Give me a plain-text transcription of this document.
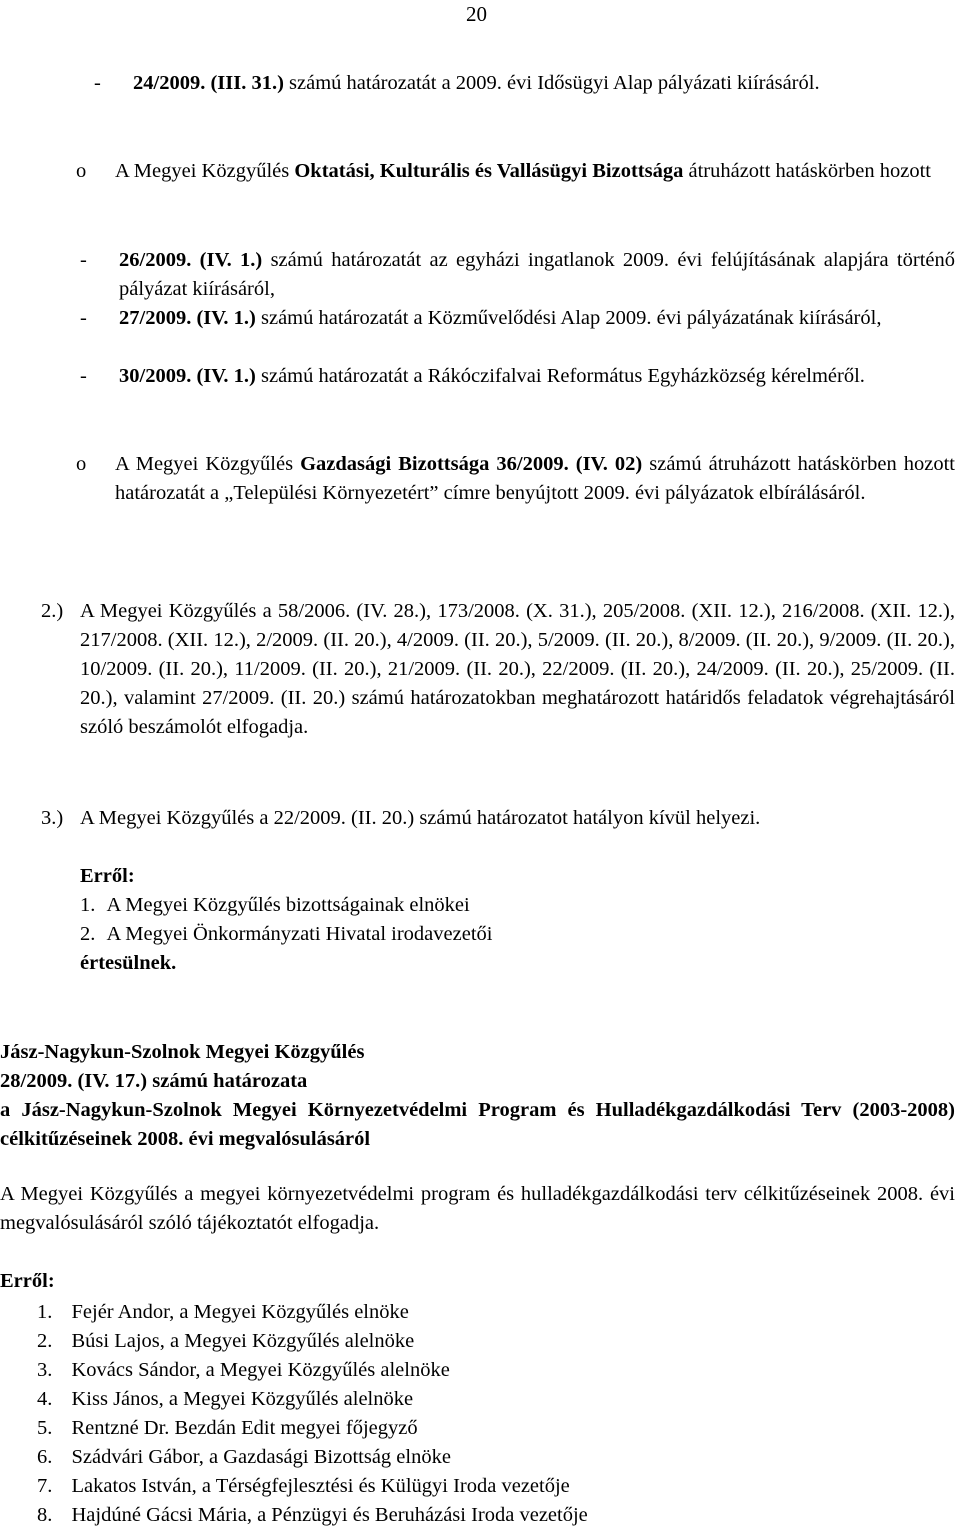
20
-	24/2009. (III. 31.) számú határozatát a 2009. évi Idősügyi Alap pályázati kiírásáról.
o	A Megyei Közgyűlés Oktatási, Kulturális és Vallásügyi Bizottsága átruházott hatáskörben hozott
-	26/2009. (IV. 1.) számú határozatát az egyházi ingatlanok 2009. évi felújításának alapjára történő pályázat kiírásáról,
-	27/2009. (IV. 1.) számú határozatát a Közművelődési Alap 2009. évi pályázatának kiírásáról,
-	30/2009. (IV. 1.) számú határozatát a Rákóczifalvai Református Egyházközség kérelméről.
o	A Megyei Közgyűlés Gazdasági Bizottsága 36/2009. (IV. 02) számú átruházott hatáskörben hozott határozatát a „Települési Környezetért” címre benyújtott 2009. évi pályázatok elbírálásáról.
2.) A Megyei Közgyűlés a 58/2006. (IV. 28.), 173/2008. (X. 31.), 205/2008. (XII. 12.), 216/2008. (XII. 12.), 217/2008. (XII. 12.), 2/2009. (II. 20.), 4/2009. (II. 20.), 5/2009. (II. 20.), 8/2009. (II. 20.), 9/2009. (II. 20.), 10/2009. (II. 20.), 11/2009. (II. 20.), 21/2009. (II. 20.), 22/2009. (II. 20.), 24/2009. (II. 20.), 25/2009. (II. 20.), valamint 27/2009. (II. 20.) számú határozatokban meghatározott határidős feladatok végrehajtásáról szóló beszámolót elfogadja.
3.) A Megyei Közgyűlés a 22/2009. (II. 20.) számú határozatot hatályon kívül helyezi.
Erről:
1. A Megyei Közgyűlés bizottságainak elnökei
2. A Megyei Önkormányzati Hivatal irodavezetői
értesülnek.
Jász-Nagykun-Szolnok Megyei Közgyűlés
28/2009. (IV. 17.) számú határozata
a Jász-Nagykun-Szolnok Megyei Környezetvédelmi Program és Hulladékgazdálkodási Terv (2003-2008) célkitűzéseinek 2008. évi megvalósulásáról
A Megyei Közgyűlés a megyei környezetvédelmi program és hulladékgazdálkodási terv célkitűzéseinek 2008. évi megvalósulásáról szóló tájékoztatót elfogadja.
Erről:
1. Fejér Andor, a Megyei Közgyűlés elnöke
2. Búsi Lajos, a Megyei Közgyűlés alelnöke
3. Kovács Sándor, a Megyei Közgyűlés alelnöke
4. Kiss János, a Megyei Közgyűlés alelnöke
5. Rentzné Dr. Bezdán Edit megyei főjegyző
6. Szádvári Gábor, a Gazdasági Bizottság elnöke
7. Lakatos István, a Térségfejlesztési és Külügyi Iroda vezetője
8. Hajdúné Gácsi Mária, a Pénzügyi és Beruházási Iroda vezetője
